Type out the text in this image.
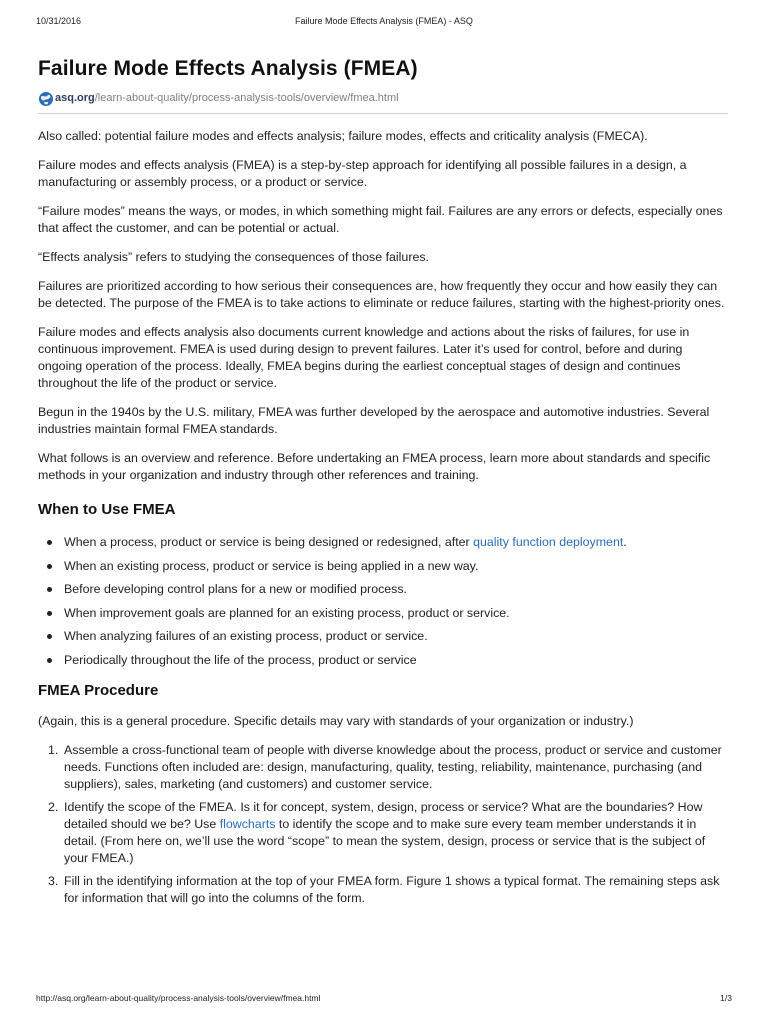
10/31/2016	Failure Mode Effects Analysis (FMEA) - ASQ
Failure Mode Effects Analysis (FMEA)
asq.org/learn-about-quality/process-analysis-tools/overview/fmea.html

Also called: potential failure modes and effects analysis; failure modes, effects and criticality analysis (FMECA).

Failure modes and effects analysis (FMEA) is a step-by-step approach for identifying all possible failures in a design, a manufacturing or assembly process, or a product or service.

“Failure modes” means the ways, or modes, in which something might fail. Failures are any errors or defects, especially ones that affect the customer, and can be potential or actual.

“Effects analysis” refers to studying the consequences of those failures.

Failures are prioritized according to how serious their consequences are, how frequently they occur and how easily they can be detected. The purpose of the FMEA is to take actions to eliminate or reduce failures, starting with the highest-priority ones.

Failure modes and effects analysis also documents current knowledge and actions about the risks of failures, for use in continuous improvement. FMEA is used during design to prevent failures. Later it’s used for control, before and during ongoing operation of the process. Ideally, FMEA begins during the earliest conceptual stages of design and continues throughout the life of the product or service.

Begun in the 1940s by the U.S. military, FMEA was further developed by the aerospace and automotive industries. Several industries maintain formal FMEA standards.

What follows is an overview and reference. Before undertaking an FMEA process, learn more about standards and specific methods in your organization and industry through other references and training.

When to Use FMEA
When a process, product or service is being designed or redesigned, after quality function deployment.
When an existing process, product or service is being applied in a new way.
Before developing control plans for a new or modified process.
When improvement goals are planned for an existing process, product or service.
When analyzing failures of an existing process, product or service.
Periodically throughout the life of the process, product or service
FMEA Procedure

(Again, this is a general procedure. Specific details may vary with standards of your organization or industry.)

1. Assemble a cross-functional team of people with diverse knowledge about the process, product or service and customer needs. Functions often included are: design, manufacturing, quality, testing, reliability, maintenance, purchasing (and suppliers), sales, marketing (and customers) and customer service.
2. Identify the scope of the FMEA. Is it for concept, system, design, process or service? What are the boundaries? How detailed should we be? Use flowcharts to identify the scope and to make sure every team member understands it in detail. (From here on, we’ll use the word “scope” to mean the system, design, process or service that is the subject of your FMEA.)
3. Fill in the identifying information at the top of your FMEA form. Figure 1 shows a typical format. The remaining steps ask for information that will go into the columns of the form.
http://asq.org/learn-about-quality/process-analysis-tools/overview/fmea.html	1/3
